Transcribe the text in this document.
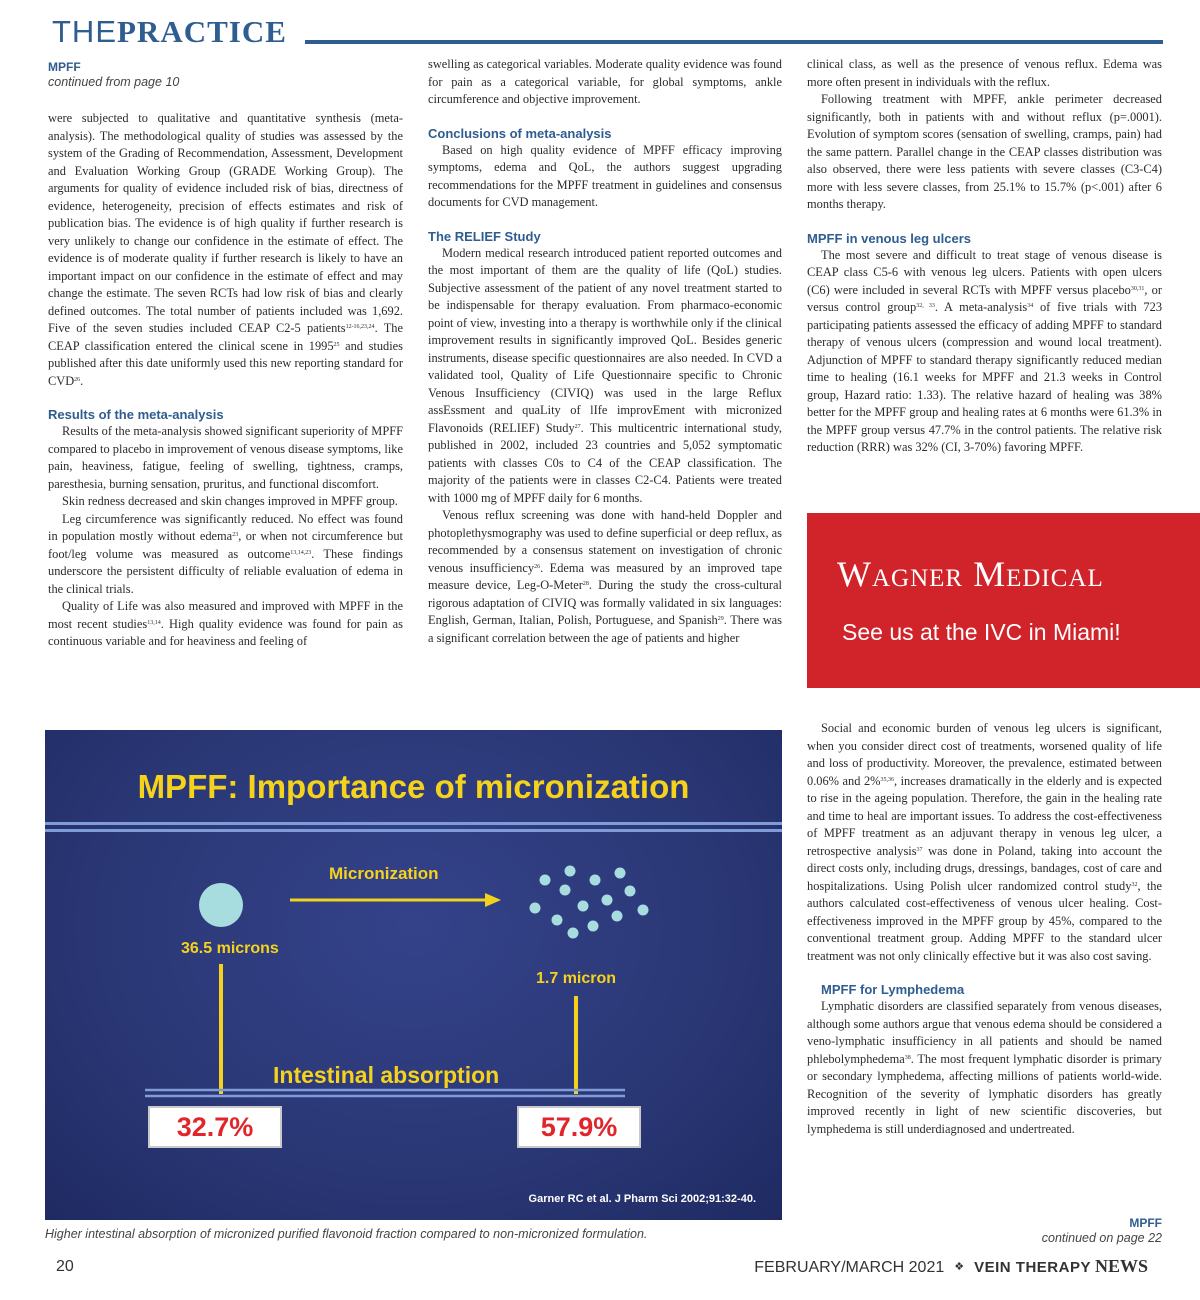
THEPRACTICE
MPFF
continued from page 10

were subjected to qualitative and quantitative synthesis (meta-analysis). The methodological quality of studies was assessed by the system of the Grading of Recommendation, Assessment, Development and Evaluation Working Group (GRADE Working Group). The arguments for quality of evidence included risk of bias, directness of evidence, heterogeneity, precision of effects estimates and risk of publication bias. The evidence is of high quality if further research is very unlikely to change our confidence in the estimate of effect. The evidence is of moderate quality if further research is likely to have an important impact on our confidence in the estimate of effect and may change the estimate. The seven RCTs had low risk of bias and clearly defined outcomes. The total number of patients included was 1,692. Five of the seven studies included CEAP C2-5 patients$^{12-16,23,24}$. The CEAP classification entered the clinical scene in 1995$^{25}$ and studies published after this date uniformly used this new reporting standard for CVD$^{26}$.

Results of the meta-analysis

Results of the meta-analysis showed significant superiority of MPFF compared to placebo in improvement of venous disease symptoms, like pain, heaviness, fatigue, feeling of swelling, tightness, cramps, paresthesia, burning sensation, pruritus, and functional discomfort.

Skin redness decreased and skin changes improved in MPFF group.

Leg circumference was significantly reduced. No effect was found in population mostly without edema$^{23}$, or when not circumference but foot/leg volume was measured as outcome$^{13,14,23}$. These findings underscore the persistent difficulty of reliable evaluation of edema in the clinical trials.

Quality of Life was also measured and improved with MPFF in the most recent studies$^{13,14}$. High quality evidence was found for pain as continuous variable and for heaviness and feeling of

swelling as categorical variables. Moderate quality evidence was found for pain as a categorical variable, for global symptoms, ankle circumference and objective improvement.

Conclusions of meta-analysis

Based on high quality evidence of MPFF efficacy improving symptoms, edema and QoL, the authors suggest upgrading recommendations for the MPFF treatment in guidelines and consensus documents for CVD management.

The RELIEF Study

Modern medical research introduced patient reported outcomes and the most important of them are the quality of life (QoL) studies. Subjective assessment of the patient of any novel treatment started to be indispensable for therapy evaluation. From pharmaco-economic point of view, investing into a therapy is worthwhile only if the clinical improvement results in significantly improved QoL. Besides generic instruments, disease specific questionnaires are also needed. In CVD a validated tool, Quality of Life Questionnaire specific to Chronic Venous Insufficiency (CIVIQ) was used in the large Reflux assEssment and quaLity of lIfe improvEment with micronized Flavonoids (RELIEF) Study$^{27}$. This multicentric international study, published in 2002, included 23 countries and 5,052 symptomatic patients with classes C0s to C4 of the CEAP classification. The majority of the patients were in classes C2-C4. Patients were treated with 1000 mg of MPFF daily for 6 months.

Venous reflux screening was done with hand-held Doppler and photoplethysmography was used to define superficial or deep reflux, as recommended by a consensus statement on investigation of chronic venous insufficiency$^{26}$. Edema was measured by an improved tape measure device, Leg-O-Meter$^{28}$. During the study the cross-cultural rigorous adaptation of CIVIQ was formally validated in six languages: English, German, Italian, Polish, Portuguese, and Spanish$^{29}$. There was a significant correlation between the age of patients and higher

clinical class, as well as the presence of venous reflux. Edema was more often present in individuals with the reflux.

Following treatment with MPFF, ankle perimeter decreased significantly, both in patients with and without reflux (p=.0001). Evolution of symptom scores (sensation of swelling, cramps, pain) had the same pattern. Parallel change in the CEAP classes distribution was also observed, there were less patients with severe classes (C3-C4) more with less severe classes, from 25.1% to 15.7% (p<.001) after 6 months therapy.

MPFF in venous leg ulcers

The most severe and difficult to treat stage of venous disease is CEAP class C5-6 with venous leg ulcers. Patients with open ulcers (C6) were included in several RCTs with MPFF versus placebo$^{30,31}$, or versus control group$^{32, 33}$. A meta-analysis$^{34}$ of five trials with 723 participating patients assessed the efficacy of adding MPFF to standard therapy of venous ulcers (compression and wound local treatment). Adjunction of MPFF to standard therapy significantly reduced median time to healing (16.1 weeks for MPFF and 21.3 weeks in Control group, Hazard ratio: 1.33). The relative hazard of healing was 38% better for the MPFF group and healing rates at 6 months were 61.3% in the MPFF group versus 47.7% in the control patients. The relative risk reduction (RRR) was 32% (CI, 3-70%) favoring MPFF.

Wagner Medical
See us at the IVC in Miami!

Social and economic burden of venous leg ulcers is significant, when you consider direct cost of treatments, worsened quality of life and loss of productivity. Moreover, the prevalence, estimated between 0.06% and 2%$^{35,36}$, increases dramatically in the elderly and is expected to rise in the ageing population. Therefore, the gain in the healing rate and time to heal are important issues. To address the cost-effectiveness of MPFF treatment as an adjuvant therapy in venous leg ulcer, a retrospective analysis$^{37}$ was done in Poland, taking into account the direct costs only, including drugs, dressings, bandages, cost of care and hospitalizations. Using Polish ulcer randomized control study$^{32}$, the authors calculated cost-effectiveness of venous ulcer healing. Cost-effectiveness improved in the MPFF group by 45%, compared to the conventional treatment group. Adding MPFF to the standard ulcer treatment was not only clinically effective but it was also cost saving.

MPFF for Lymphedema

Lymphatic disorders are classified separately from venous diseases, although some authors argue that venous edema should be considered a veno-lymphatic insufficiency in all patients and should be named phlebolymphedema$^{38}$. The most frequent lymphatic disorder is primary or secondary lymphedema, affecting millions of patients world-wide. Recognition of the severity of lymphatic disorders has greatly improved recently in light of new scientific discoveries, but lymphedema is still underdiagnosed and undertreated.

MPFF: Importance of micronization
Micronization
36.5 microns
1.7 micron
Intestinal absorption
32.7%	57.9%
Garner RC et al. J Pharm Sci 2002;91:32-40.
Higher intestinal absorption of micronized purified flavonoid fraction compared to non-micronized formulation.
MPFF
continued on page 22
20	FEBRUARY/MARCH 2021 ❖ VEIN THERAPY NEWS
